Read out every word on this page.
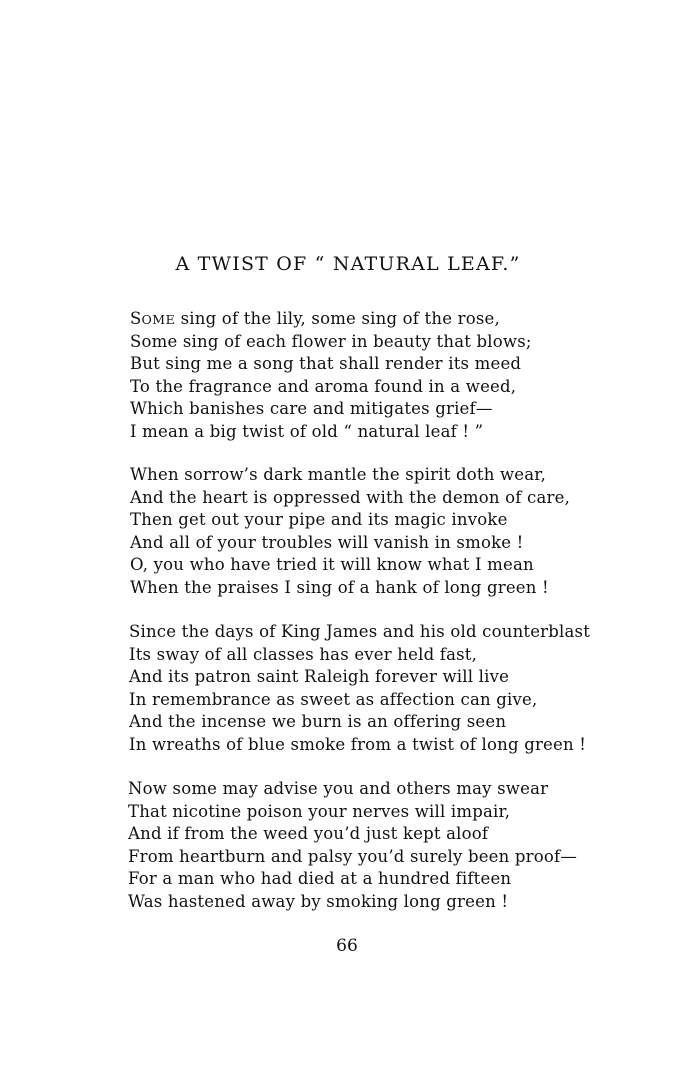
A TWIST OF “ NATURAL LEAF.”
SOME sing of the lily, some sing of the rose,
Some sing of each flower in beauty that blows;
But sing me a song that shall render its meed
To the fragrance and aroma found in a weed,
Which banishes care and mitigates grief—
I mean a big twist of old “ natural leaf ! ”
When sorrow’s dark mantle the spirit doth wear,
And the heart is oppressed with the demon of care,
Then get out your pipe and its magic invoke
And all of your troubles will vanish in smoke !
O, you who have tried it will know what I mean
When the praises I sing of a hank of long green !
Since the days of King James and his old counterblast
Its sway of all classes has ever held fast,
And its patron saint Raleigh forever will live
In remembrance as sweet as affection can give,
And the incense we burn is an offering seen
In wreaths of blue smoke from a twist of long green !
Now some may advise you and others may swear
That nicotine poison your nerves will impair,
And if from the weed you’d just kept aloof
From heartburn and palsy you’d surely been proof—
For a man who had died at a hundred fifteen
Was hastened away by smoking long green !
66
